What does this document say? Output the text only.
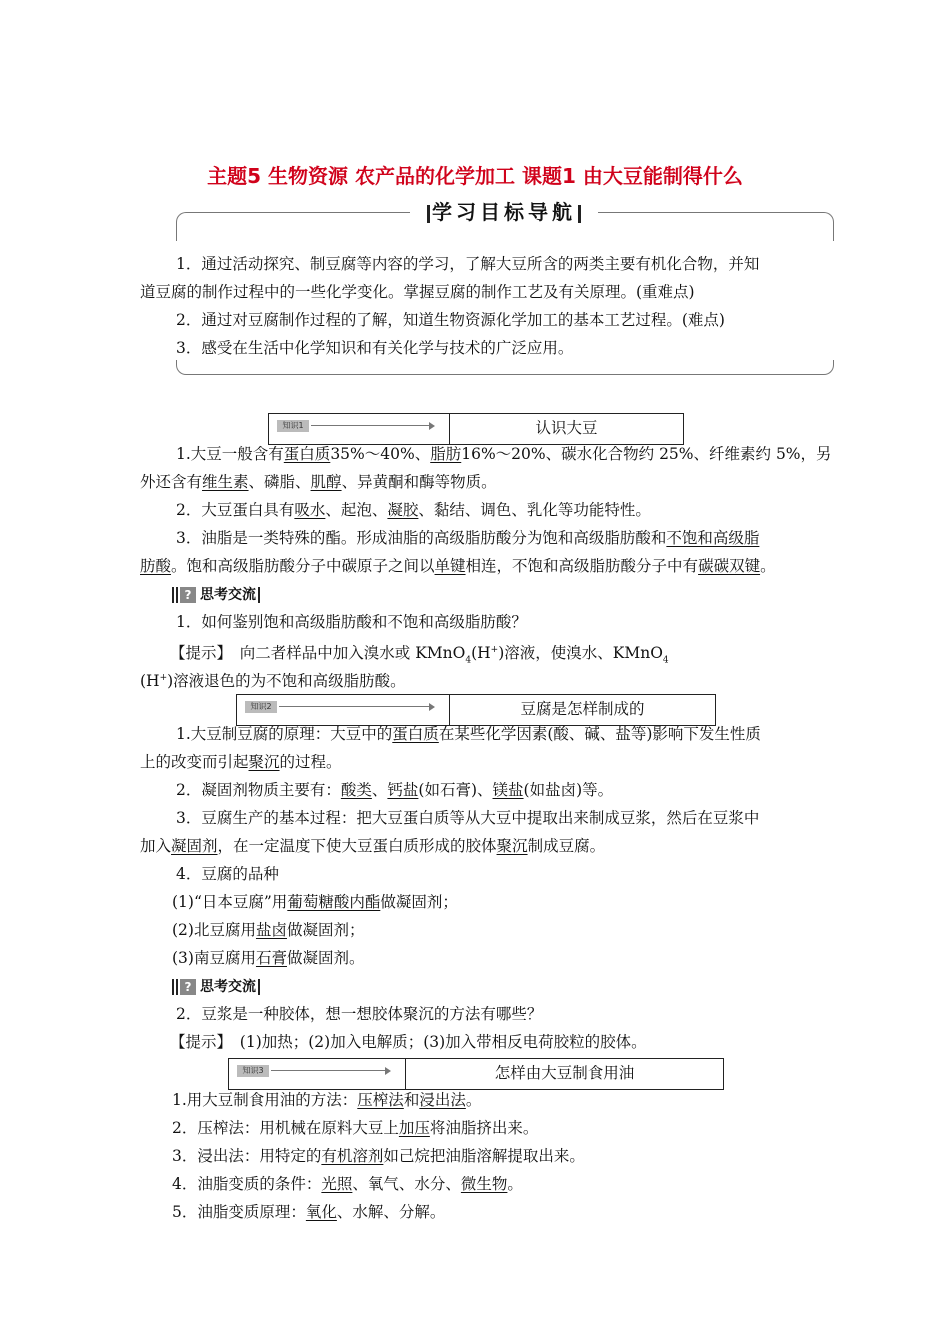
主题5 生物资源 农产品的化学加工 课题1 由大豆能制得什么
学习目标导航
1．通过活动探究、制豆腐等内容的学习，了解大豆所含的两类主要有机化合物，并知
道豆腐的制作过程中的一些化学变化。掌握豆腐的制作工艺及有关原理。(重难点)
2．通过对豆腐制作过程的了解，知道生物资源化学加工的基本工艺过程。(难点)
3．感受在生活中化学知识和有关化学与技术的广泛应用。
知识1	认识大豆
1.大豆一般含有蛋白质35%～40%、脂肪16%～20%、碳水化合物约 25%、纤维素约 5%，另
外还含有维生素、磷脂、肌醇、异黄酮和酶等物质。
2．大豆蛋白具有吸水、起泡、凝胶、黏结、调色、乳化等功能特性。
3．油脂是一类特殊的酯。形成油脂的高级脂肪酸分为饱和高级脂肪酸和不饱和高级脂
肪酸。饱和高级脂肪酸分子中碳原子之间以单键相连，不饱和高级脂肪酸分子中有碳碳双键。
? 思考交流
1．如何鉴别饱和高级脂肪酸和不饱和高级脂肪酸？
【提示】　 向二者样品中加入溴水或 KMnO$_4$(H+)溶液，使溴水、KMnO$_4$
(H+)溶液退色的为不饱和高级脂肪酸。
知识2	豆腐是怎样制成的
1.大豆制豆腐的原理：大豆中的蛋白质在某些化学因素(酸、碱、盐等)影响下发生性质
上的改变而引起聚沉的过程。
2．凝固剂物质主要有：酸类、钙盐(如石膏)、镁盐(如盐卤)等。
3．豆腐生产的基本过程：把大豆蛋白质等从大豆中提取出来制成豆浆，然后在豆浆中
加入凝固剂，在一定温度下使大豆蛋白质形成的胶体聚沉制成豆腐。
4．豆腐的品种
(1)“日本豆腐”用葡萄糖酸内酯做凝固剂；
(2)北豆腐用盐卤做凝固剂；
(3)南豆腐用石膏做凝固剂。
? 思考交流
2．豆浆是一种胶体，想一想胶体聚沉的方法有哪些？
【提示】　 (1)加热；(2)加入电解质；(3)加入带相反电荷胶粒的胶体。
知识3	怎样由大豆制食用油
1.用大豆制食用油的方法：压榨法和浸出法。
2．压榨法：用机械在原料大豆上加压将油脂挤出来。
3．浸出法：用特定的有机溶剂如己烷把油脂溶解提取出来。
4．油脂变质的条件：光照、氧气、水分、微生物。
5．油脂变质原理：氧化、水解、分解。
